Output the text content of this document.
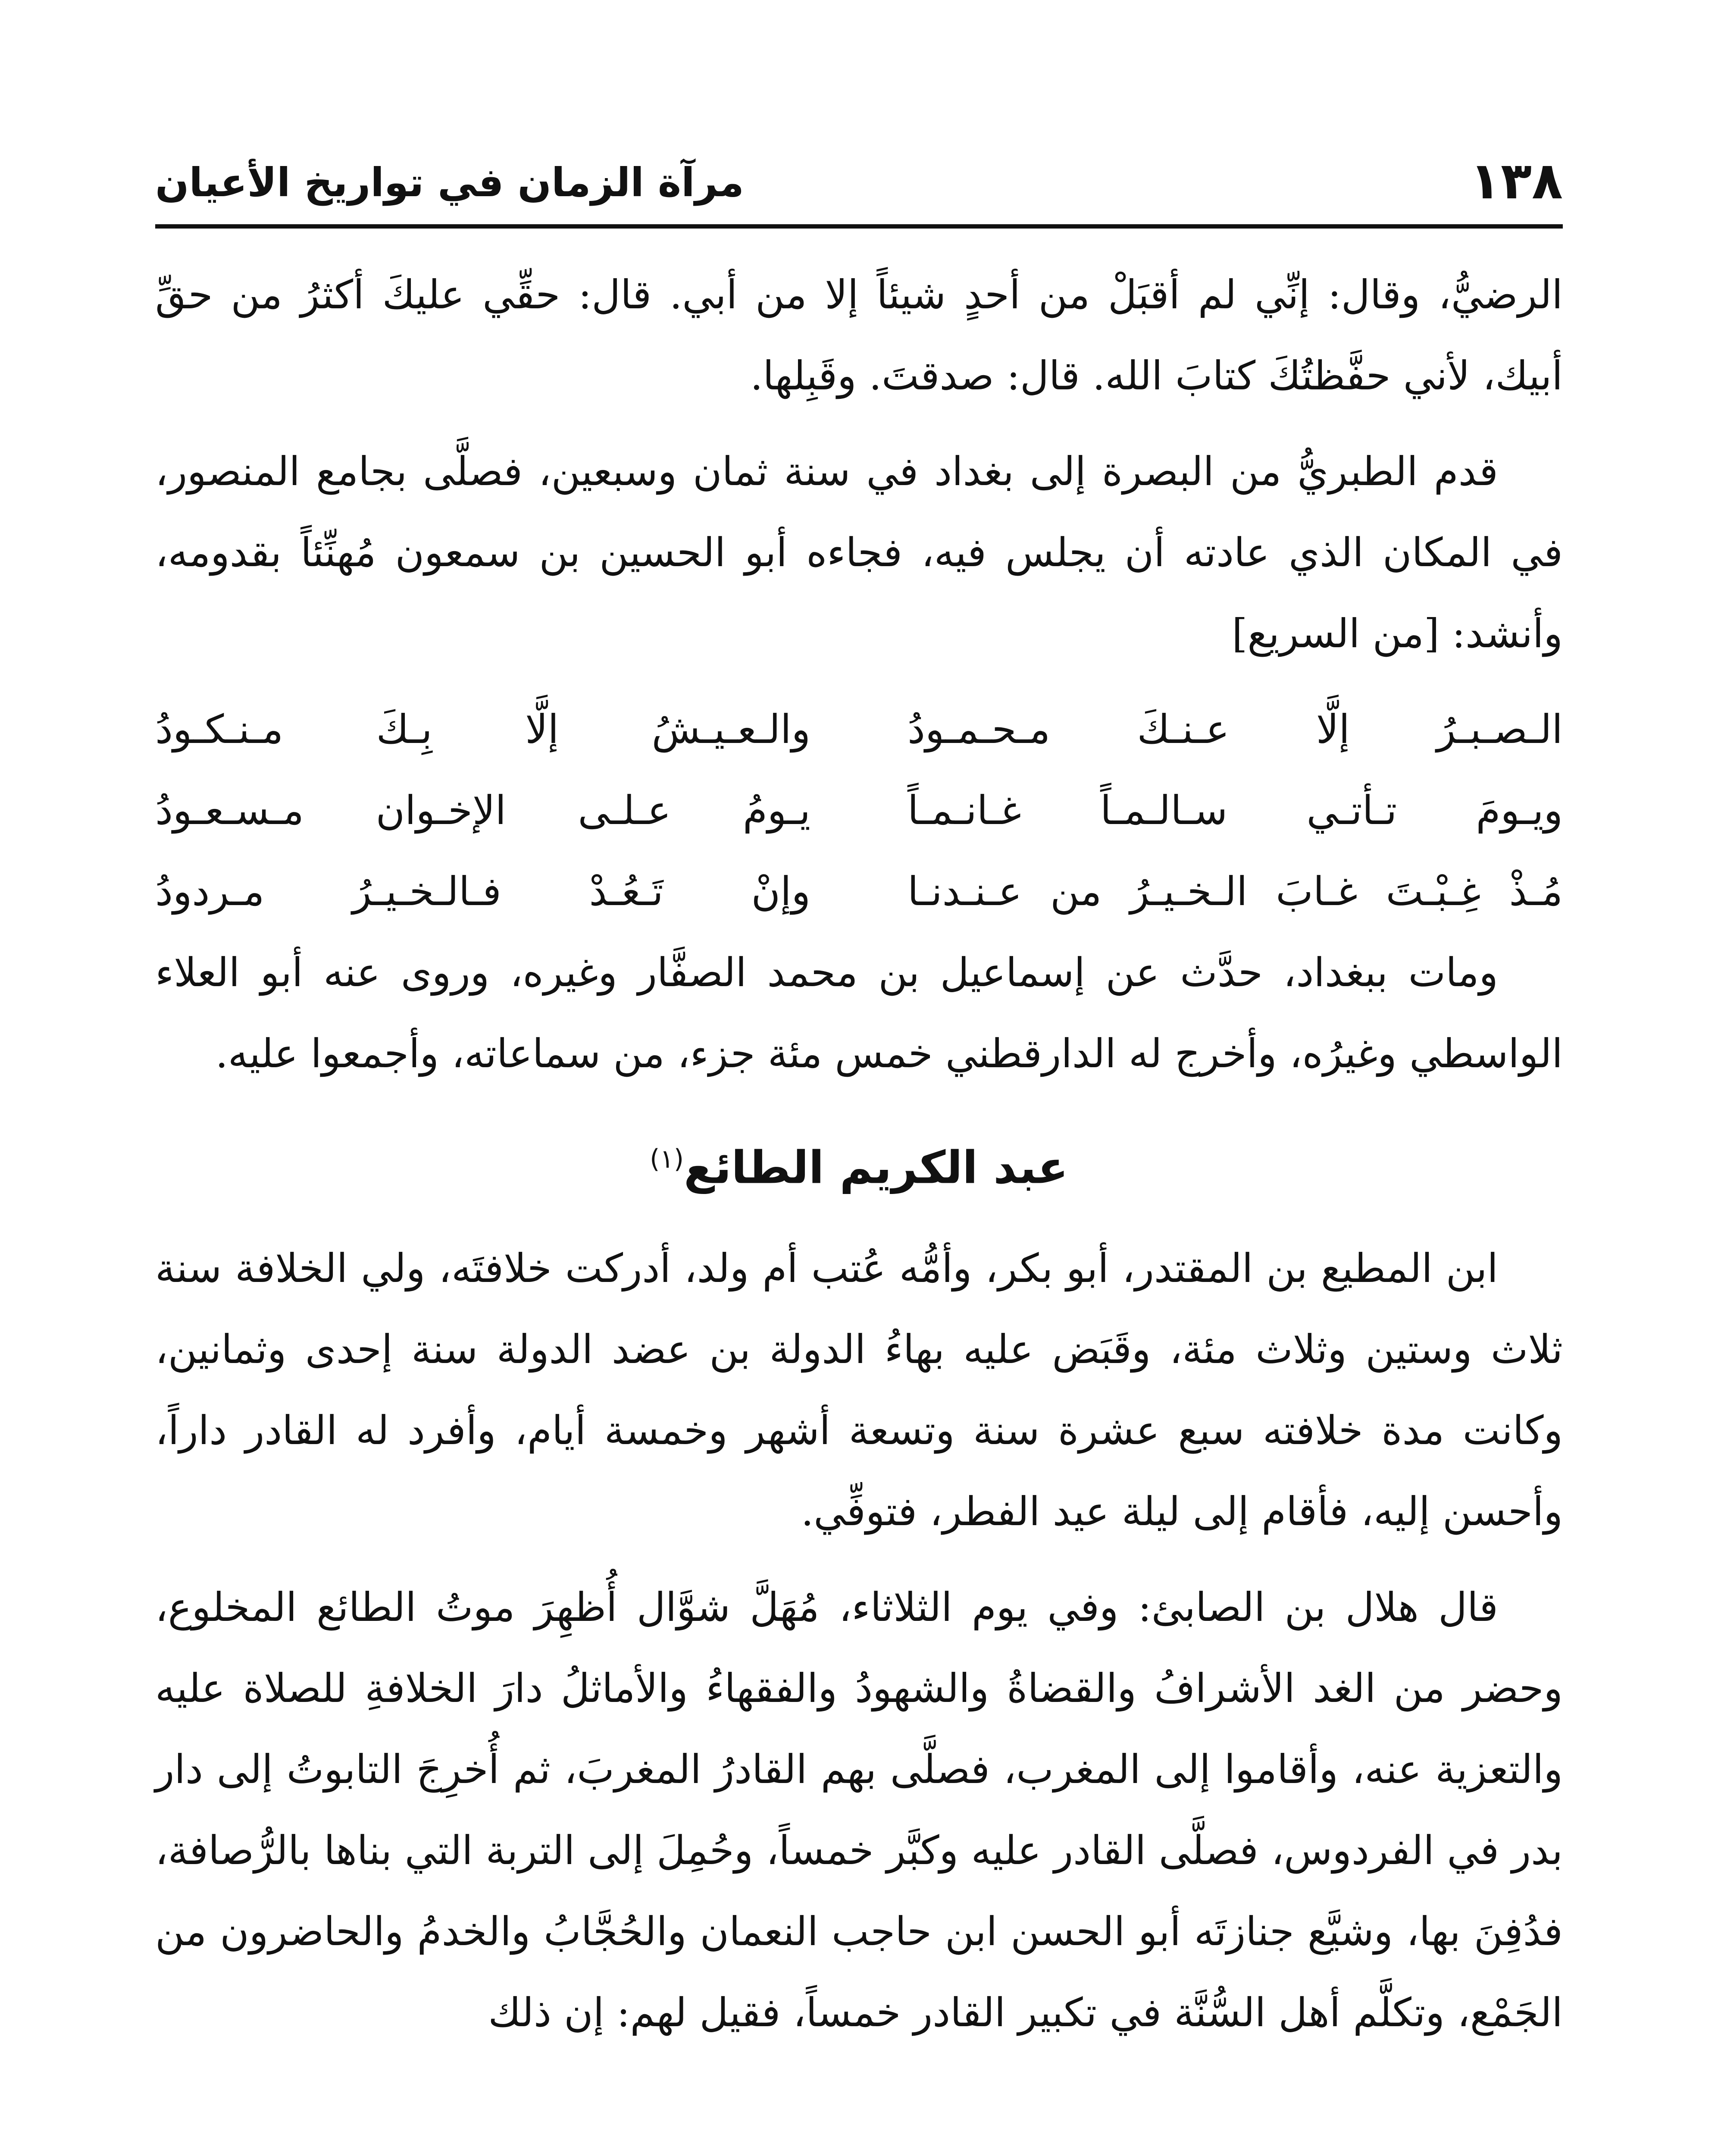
١٣٨
مرآة الزمان في تواريخ الأعيان

الرضيُّ، وقال: إنِّي لم أقبَلْ من أحدٍ شيئاً إلا من أبي. قال: حقِّي عليكَ أكثرُ من حقِّ أبيك، لأني حفَّظتُكَ كتابَ الله. قال: صدقتَ. وقَبِلها.

قدم الطبريُّ من البصرة إلى بغداد في سنة ثمان وسبعين، فصلَّى بجامع المنصور، في المكان الذي عادته أن يجلس فيه، فجاءه أبو الحسين بن سمعون مُهنِّئاً بقدومه، وأنشد: [من السريع]

الـصـبـرُ إلَّا عـنـكَ مـحـمـودُ
والـعـيـشُ إلَّا بِـكَ مـنـكـودُ
ويـومَ تـأتـي سـالـمـاً غـانـمـاً
يـومُ عـلـى الإخـوان مـسـعـودُ
مُـذْ غِـبْـتَ غـابَ الـخـيـرُ من عـنـدنـا
وإنْ تَـعُـدْ فـالـخـيـرُ مـردودُ

ومات ببغداد، حدَّث عن إسماعيل بن محمد الصفَّار وغيره، وروى عنه أبو العلاء الواسطي وغيرُه، وأخرج له الدارقطني خمس مئة جزء، من سماعاته، وأجمعوا عليه.

عبد الكريم الطائع$^{(١)}$

ابن المطيع بن المقتدر، أبو بكر، وأمُّه عُتب أم ولد، أدركت خلافتَه، ولي الخلافة سنة ثلاث وستين وثلاث مئة، وقَبَض عليه بهاءُ الدولة بن عضد الدولة سنة إحدى وثمانين، وكانت مدة خلافته سبع عشرة سنة وتسعة أشهر وخمسة أيام، وأفرد له القادر داراً، وأحسن إليه، فأقام إلى ليلة عيد الفطر، فتوفِّي.

قال هلال بن الصابئ: وفي يوم الثلاثاء، مُهَلَّ شوَّال أُظهِرَ موتُ الطائع المخلوع، وحضر من الغد الأشرافُ والقضاةُ والشهودُ والفقهاءُ والأماثلُ دارَ الخلافةِ للصلاة عليه والتعزية عنه، وأقاموا إلى المغرب، فصلَّى بهم القادرُ المغربَ، ثم أُخرِجَ التابوتُ إلى دار بدر في الفردوس، فصلَّى القادر عليه وكبَّر خمساً، وحُمِلَ إلى التربة التي بناها بالرُّصافة، فدُفِنَ بها، وشيَّع جنازتَه أبو الحسن ابن حاجب النعمان والحُجَّابُ والخدمُ والحاضرون من الجَمْع، وتكلَّم أهل السُّنَّة في تكبير القادر خمساً، فقيل لهم: إن ذلك
